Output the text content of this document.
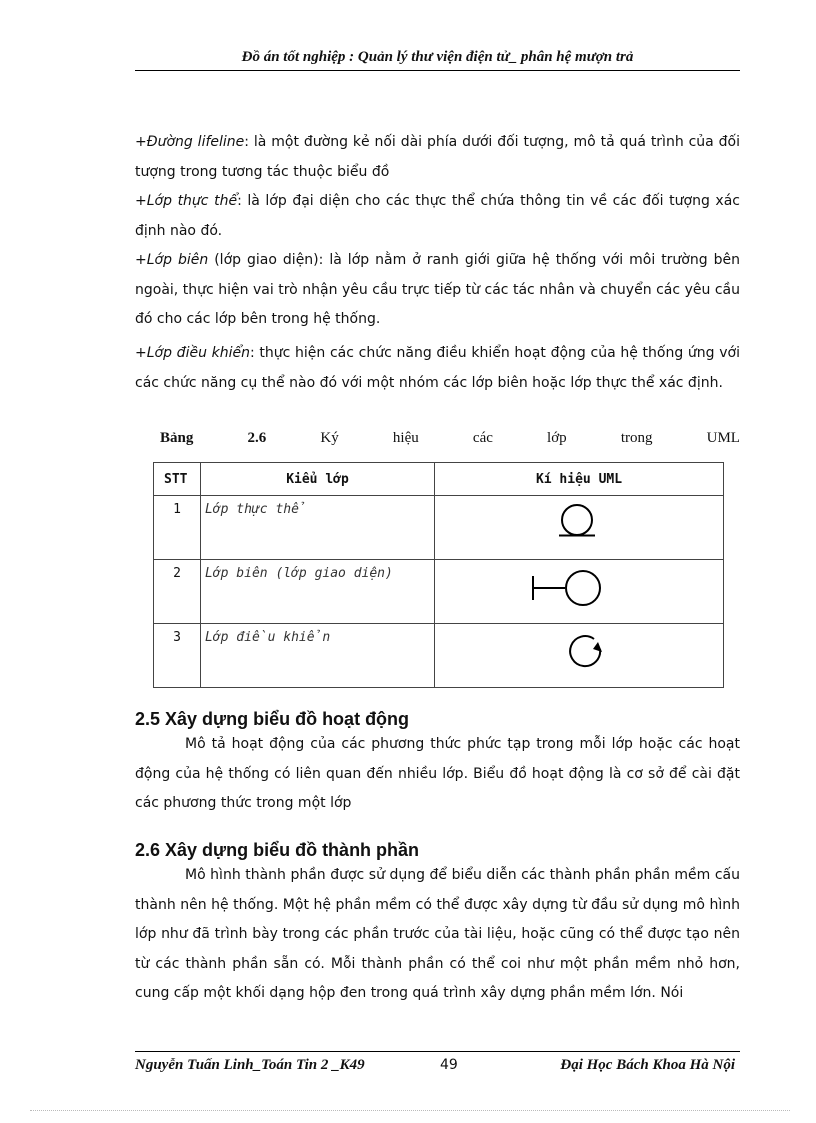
Đồ án tốt nghiệp : Quản lý thư viện điện tử_ phân hệ mượn trả

+Đường lifeline: là một đường kẻ nối dài phía dưới đối tượng, mô tả quá trình của đối tượng trong tương tác thuộc biểu đồ

+Lớp thực thể: là lớp đại diện cho các thực thể chứa thông tin về các đối tượng xác định nào đó.

+Lớp biên (lớp giao diện): là lớp nằm ở ranh giới giữa hệ thống với môi trường bên ngoài, thực hiện vai trò nhận yêu cầu trực tiếp từ các tác nhân và chuyển các yêu cầu đó cho các lớp bên trong hệ thống.

+Lớp điều khiển: thực hiện các chức năng điều khiển hoạt động của hệ thống ứng với các chức năng cụ thể nào đó với một nhóm các lớp biên hoặc lớp thực thể xác định.

Bảng	2.6	Ký	hiệu	các	lớp	trong	UML
STT	Kiểu lớp	Kí hiệu UML
1	Lớp thực thể	

2	Lớp biên (lớp giao diện)	

3	Lớp điều khiển	
2.5 Xây dựng biểu đồ hoạt động

Mô tả hoạt động của các phương thức phức tạp trong mỗi lớp hoặc các hoạt động của hệ thống có liên quan đến nhiều lớp. Biểu đồ hoạt động là cơ sở để cài đặt các phương thức trong một lớp

2.6 Xây dựng biểu đồ thành phần

Mô hình thành phần được sử dụng để biểu diễn các thành phần phần mềm cấu thành nên hệ thống. Một hệ phần mềm có thể được xây dựng từ đầu sử dụng mô hình lớp như đã trình bày trong các phần trước của tài liệu, hoặc cũng có thể được tạo nên từ các thành phần sẵn có. Mỗi thành phần có thể coi như một phần mềm nhỏ hơn, cung cấp một khối dạng hộp đen trong quá trình xây dựng phần mềm lớn. Nói

Nguyễn Tuấn Linh_Toán Tin 2 _K49	49	Đại Học Bách Khoa Hà Nội
